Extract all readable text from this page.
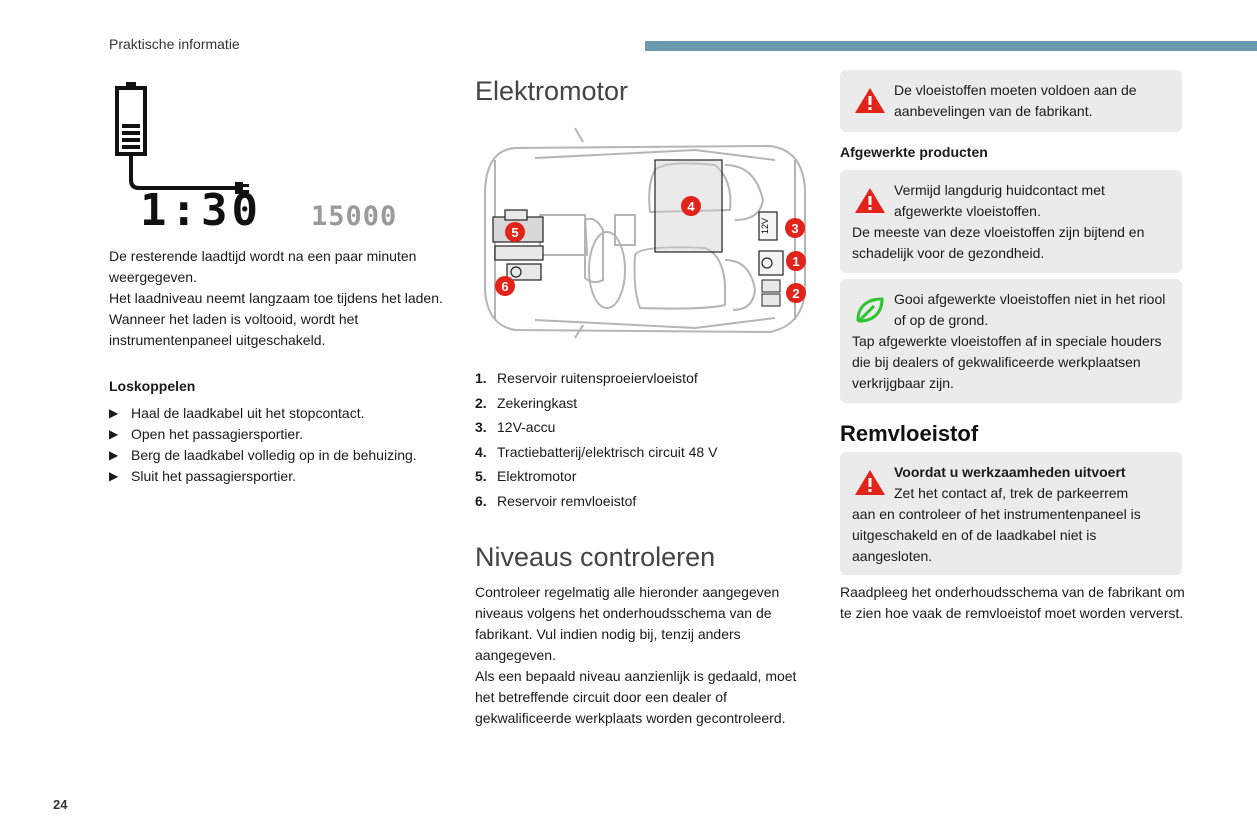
Praktische informatie
24
1:30 15000
De resterende laadtijd wordt na een paar minuten weergegeven.
Het laadniveau neemt langzaam toe tijdens het laden.
Wanneer het laden is voltooid, wordt het instrumentenpaneel uitgeschakeld.
Loskoppelen
▶ Haal de laadkabel uit het stopcontact.
▶ Open het passagiersportier.
▶ Berg de laadkabel volledig op in de behuizing.
▶ Sluit het passagiersportier.
Elektromotor
12V
1
2
3
4
5
6
1. Reservoir ruitensproeiervloeistof
2. Zekeringkast
3. 12V-accu
4. Tractiebatterij/elektrisch circuit 48 V
5. Elektromotor
6. Reservoir remvloeistof
Niveaus controleren
Controleer regelmatig alle hieronder aangegeven niveaus volgens het onderhoudsschema van de fabrikant. Vul indien nodig bij, tenzij anders aangegeven.
Als een bepaald niveau aanzienlijk is gedaald, moet het betreffende circuit door een dealer of gekwalificeerde werkplaats worden gecontroleerd.
De vloeistoffen moeten voldoen aan de aanbevelingen van de fabrikant.
Afgewerkte producten
Vermijd langdurig huidcontact met afgewerkte vloeistoffen.
De meeste van deze vloeistoffen zijn bijtend en schadelijk voor de gezondheid.
Gooi afgewerkte vloeistoffen niet in het riool of op de grond.
Tap afgewerkte vloeistoffen af in speciale houders die bij dealers of gekwalificeerde werkplaatsen verkrijgbaar zijn.
Remvloeistof
Voordat u werkzaamheden uitvoert
Zet het contact af, trek de parkeerrem
aan en controleer of het instrumentenpaneel is uitgeschakeld en of de laadkabel niet is aangesloten.
Raadpleeg het onderhoudsschema van de fabrikant om te zien hoe vaak de remvloeistof moet worden ververst.
